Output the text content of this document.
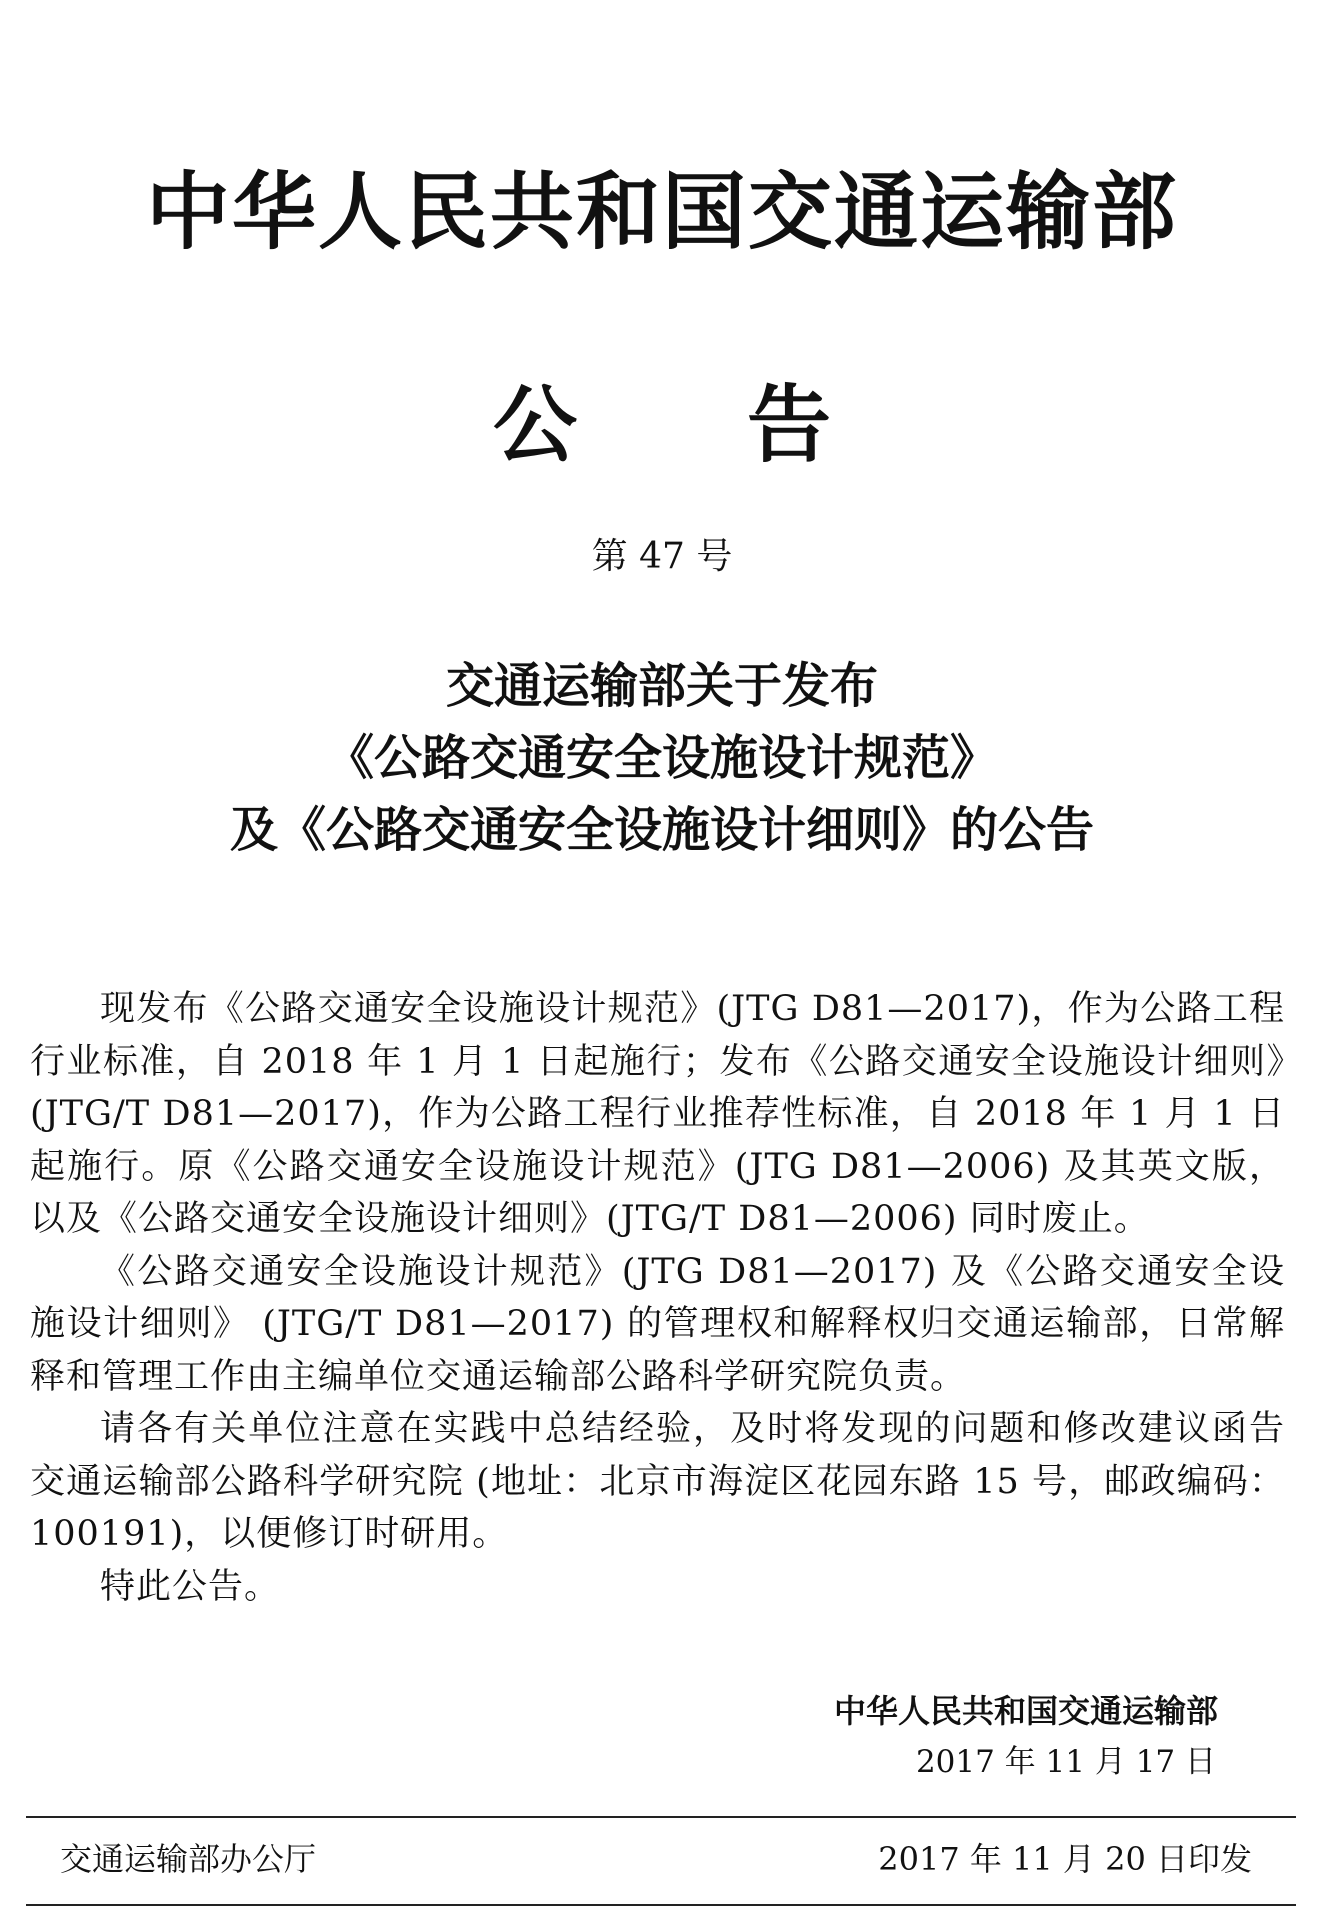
中华人民共和国交通运输部
公 告
第 47 号
交通运输部关于发布
《公路交通安全设施设计规范》
及《公路交通安全设施设计细则》的公告

现发布《公路交通安全设施设计规范》(JTG D81—2017)，作为公路工程行业标准，自 2018 年 1 月 1 日起施行；发布《公路交通安全设施设计细则》(JTG/T D81—2017)，作为公路工程行业推荐性标准，自 2018 年 1 月 1 日起施行。原《公路交通安全设施设计规范》(JTG D81—2006) 及其英文版，以及《公路交通安全设施设计细则》(JTG/T D81—2006) 同时废止。

《公路交通安全设施设计规范》(JTG D81—2017) 及《公路交通安全设施设计细则》 (JTG/T D81—2017) 的管理权和解释权归交通运输部，日常解释和管理工作由主编单位交通运输部公路科学研究院负责。

请各有关单位注意在实践中总结经验，及时将发现的问题和修改建议函告交通运输部公路科学研究院 (地址：北京市海淀区花园东路 15 号，邮政编码：100191)，以便修订时研用。

特此公告。

中华人民共和国交通运输部
2017 年 11 月 17 日
交通运输部办公厅	2017 年 11 月 20 日印发
